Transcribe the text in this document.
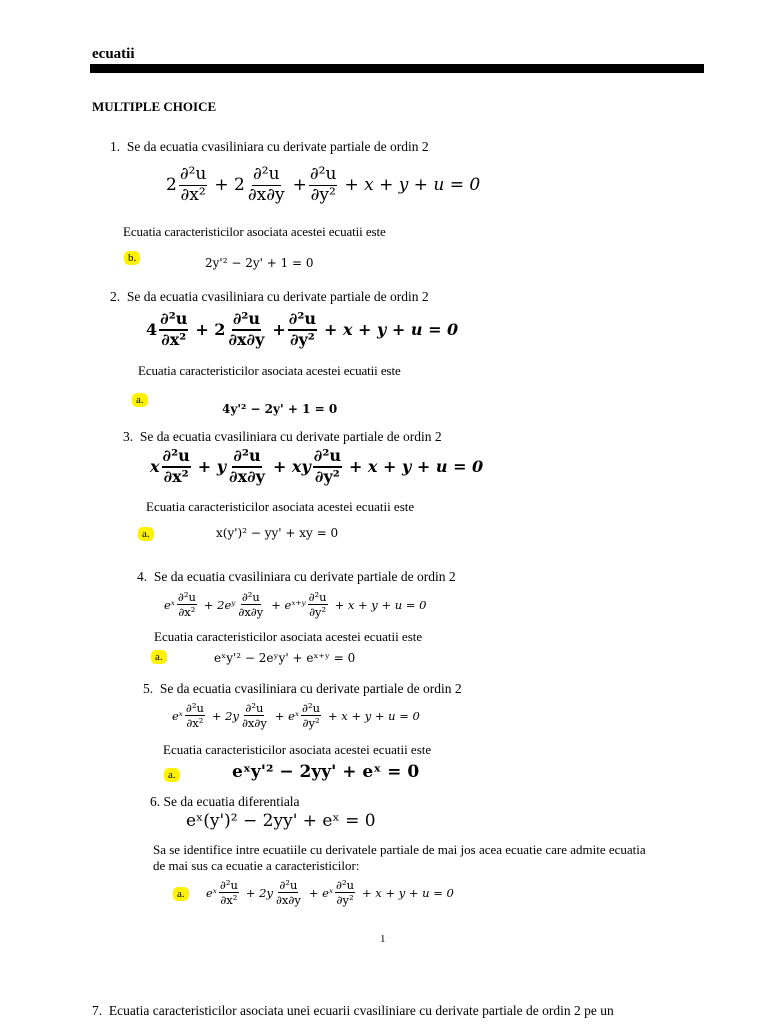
ecuatii
MULTIPLE CHOICE
1. Se da ecuatia cvasiliniara cu derivate partiale de ordin 2
$2 \frac{\text{∂²u}}{\text{∂x²}} + 2 \frac{\text{∂²u}}{\partial x\partial y} + \frac{\text{∂²u}}{\text{∂y²}} + x + y + u = 0$
Ecuatia caracteristicilor asociata acestei ecuatii este
b.	2y'² − 2y' + 1 = 0
2. Se da ecuatia cvasiliniara cu derivate partiale de ordin 2
$4 \frac{\text{∂²u}}{\text{∂x²}} + 2 \frac{\text{∂²u}}{\partial x\partial y} + \frac{\text{∂²u}}{\text{∂y²}} + x + y + u = 0$
Ecuatia caracteristicilor asociata acestei ecuatii este
a.
4y'² − 2y' + 1 = 0
3. Se da ecuatia cvasiliniara cu derivate partiale de ordin 2
x $\frac{\text{∂²u}}{\text{∂x²}} + y \frac{\text{∂²u}}{\partial x\partial y}$ + xy $\frac{\text{∂²u}}{\text{∂y²}} + x + y + u = 0$
Ecuatia caracteristicilor asociata acestei ecuatii este
a.	x(y')² − yy' + xy = 0
4. Se da ecuatia cvasiliniara cu derivate partiale de ordin 2
eˣ $\frac{\text{∂²u}}{\text{∂x²}}$ + 2eʸ $\frac{\text{∂²u}}{\partial x\partial y}$ + eˣ⁺ʸ $\frac{\text{∂²u}}{\text{∂y²}} + x + y + u = 0$
Ecuatia caracteristicilor asociata acestei ecuatii este
a.	eˣy'² − 2eʸy' + eˣ⁺ʸ = 0
5. Se da ecuatia cvasiliniara cu derivate partiale de ordin 2
eˣ $\frac{\text{∂²u}}{\text{∂x²}} + 2y \frac{\text{∂²u}}{\partial x\partial y}$ + eˣ $\frac{\text{∂²u}}{\text{∂y²}} + x + y + u = 0$
Ecuatia caracteristicilor asociata acestei ecuatii este
a.	eˣy'² − 2yy' + eˣ = 0
6. Se da ecuatia diferentiala
eˣ(y')² − 2yy' + eˣ = 0
Sa se identifice intre ecuatiile cu derivatele partiale de mai jos acea ecuatie care admite ecuatia
de mai sus ca ecuatie a caracteristicilor:
a.	eˣ $\frac{\text{∂²u}}{\text{∂x²}} + 2y \frac{\text{∂²u}}{\partial x\partial y}$ + eˣ $\frac{\text{∂²u}}{\text{∂y²}} + x + y + u = 0$
1
7. Ecuatia caracteristicilor asociata unei ecuarii cvasiliniare cu derivate partiale de ordin 2 pe un
